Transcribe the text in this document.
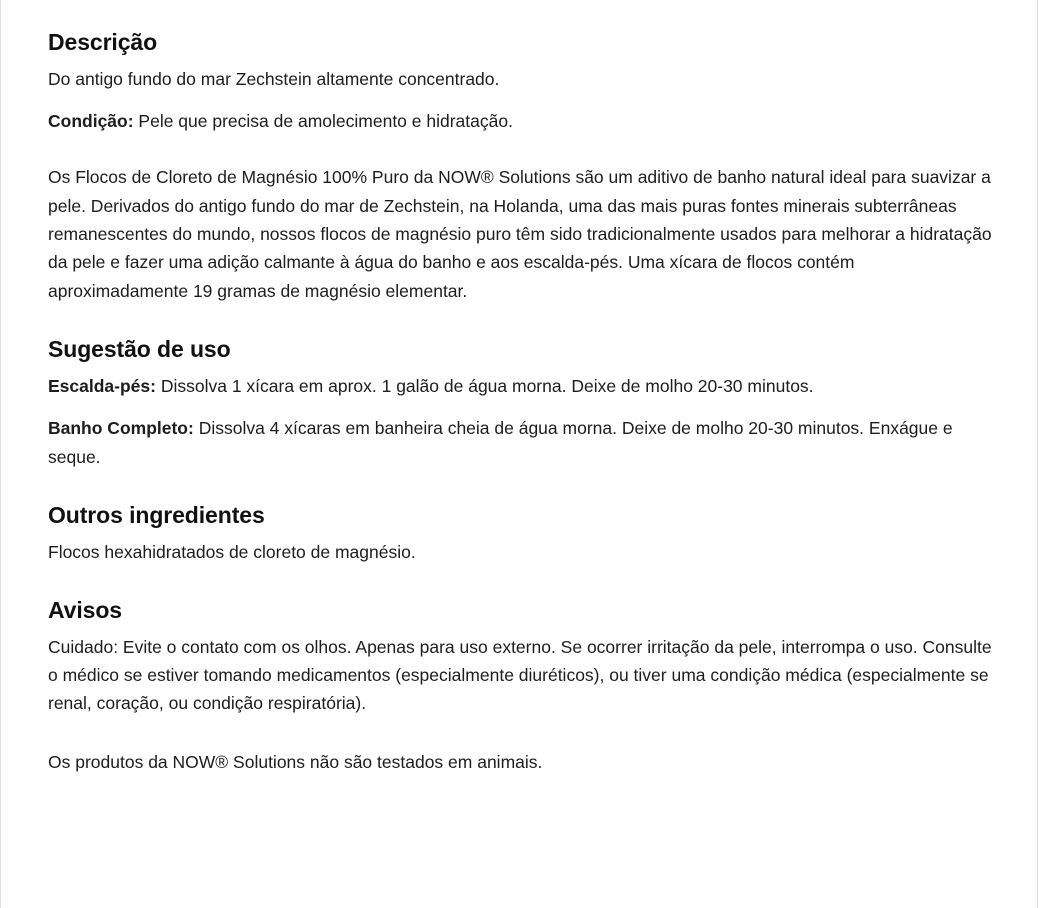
Descrição

Do antigo fundo do mar Zechstein altamente concentrado.

Condição: Pele que precisa de amolecimento e hidratação.

Os Flocos de Cloreto de Magnésio 100% Puro da NOW® Solutions são um aditivo de banho natural ideal para suavizar a pele. Derivados do antigo fundo do mar de Zechstein, na Holanda, uma das mais puras fontes minerais subterrâneas remanescentes do mundo, nossos flocos de magnésio puro têm sido tradicionalmente usados para melhorar a hidratação da pele e fazer uma adição calmante à água do banho e aos escalda-pés. Uma xícara de flocos contém aproximadamente 19 gramas de magnésio elementar.

Sugestão de uso

Escalda-pés: Dissolva 1 xícara em aprox. 1 galão de água morna. Deixe de molho 20-30 minutos.

Banho Completo: Dissolva 4 xícaras em banheira cheia de água morna. Deixe de molho 20-30 minutos. Enxágue e seque.

Outros ingredientes

Flocos hexahidratados de cloreto de magnésio.

Avisos

Cuidado: Evite o contato com os olhos. Apenas para uso externo. Se ocorrer irritação da pele, interrompa o uso. Consulte o médico se estiver tomando medicamentos (especialmente diuréticos), ou tiver uma condição médica (especialmente se renal, coração, ou condição respiratória).

Os produtos da NOW® Solutions não são testados em animais.
